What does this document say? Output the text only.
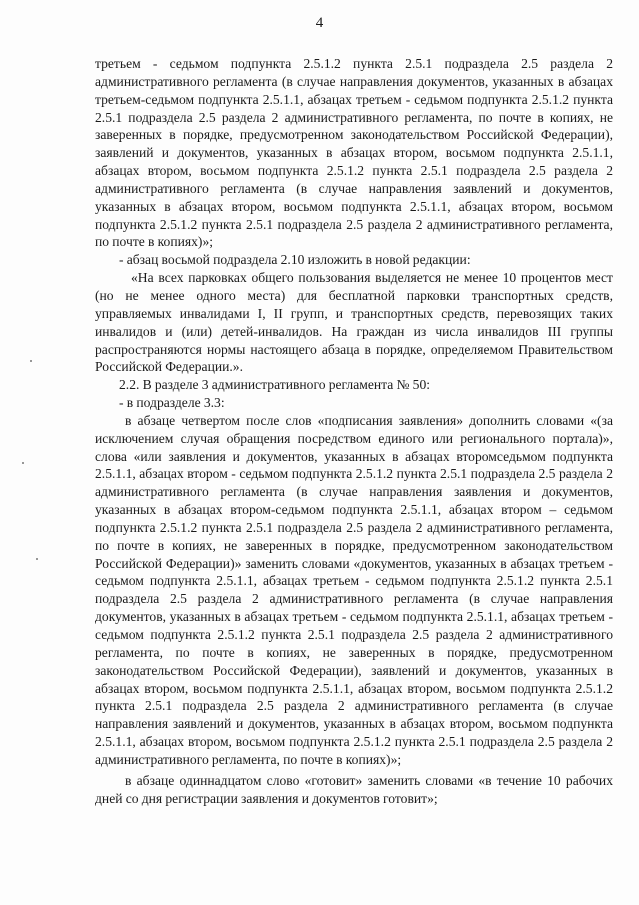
4

третьем - седьмом подпункта 2.5.1.2 пункта 2.5.1 подраздела 2.5 раздела 2 административного регламента (в случае направления документов, указанных в абзацах третьем-седьмом подпункта 2.5.1.1, абзацах третьем - седьмом подпункта 2.5.1.2 пункта 2.5.1 подраздела 2.5 раздела 2 административного регламента, по почте в копиях, не заверенных в порядке, предусмотренном законодательством Российской Федерации), заявлений и документов, указанных в абзацах втором, восьмом подпункта 2.5.1.1, абзацах втором, восьмом подпункта 2.5.1.2 пункта 2.5.1 подраздела 2.5 раздела 2 административного регламента (в случае направления заявлений и документов, указанных в абзацах втором, восьмом подпункта 2.5.1.1, абзацах втором, восьмом подпункта 2.5.1.2 пункта 2.5.1 подраздела 2.5 раздела 2 административного регламента, по почте в копиях)»;

- абзац восьмой подраздела 2.10 изложить в новой редакции:

«На всех парковках общего пользования выделяется не менее 10 процентов мест (но не менее одного места) для бесплатной парковки транспортных средств, управляемых инвалидами I, II групп, и транспортных средств, перевозящих таких инвалидов и (или) детей-инвалидов. На граждан из числа инвалидов III группы распространяются нормы настоящего абзаца в порядке, определяемом Правительством Российской Федерации.».

2.2. В разделе 3 административного регламента № 50:

- в подразделе 3.3:

в абзаце четвертом после слов «подписания заявления» дополнить словами «(за исключением случая обращения посредством единого или регионального портала)», слова «или заявления и документов, указанных в абзацах второмседьмом подпункта 2.5.1.1, абзацах втором - седьмом подпункта 2.5.1.2 пункта 2.5.1 подраздела 2.5 раздела 2 административного регламента (в случае направления заявления и документов, указанных в абзацах втором-седьмом подпункта 2.5.1.1, абзацах втором – седьмом подпункта 2.5.1.2 пункта 2.5.1 подраздела 2.5 раздела 2 административного регламента, по почте в копиях, не заверенных в порядке, предусмотренном законодательством Российской Федерации)» заменить словами «документов, указанных в абзацах третьем - седьмом подпункта 2.5.1.1, абзацах третьем - седьмом подпункта 2.5.1.2 пункта 2.5.1 подраздела 2.5 раздела 2 административного регламента (в случае направления документов, указанных в абзацах третьем - седьмом подпункта 2.5.1.1, абзацах третьем - седьмом подпункта 2.5.1.2 пункта 2.5.1 подраздела 2.5 раздела 2 административного регламента, по почте в копиях, не заверенных в порядке, предусмотренном законодательством Российской Федерации), заявлений и документов, указанных в абзацах втором, восьмом подпункта 2.5.1.1, абзацах втором, восьмом подпункта 2.5.1.2 пункта 2.5.1 подраздела 2.5 раздела 2 административного регламента (в случае направления заявлений и документов, указанных в абзацах втором, восьмом подпункта 2.5.1.1, абзацах втором, восьмом подпункта 2.5.1.2 пункта 2.5.1 подраздела 2.5 раздела 2 административного регламента, по почте в копиях)»;

в абзаце одиннадцатом слово «готовит» заменить словами «в течение 10 рабочих дней со дня регистрации заявления и документов готовит»;
